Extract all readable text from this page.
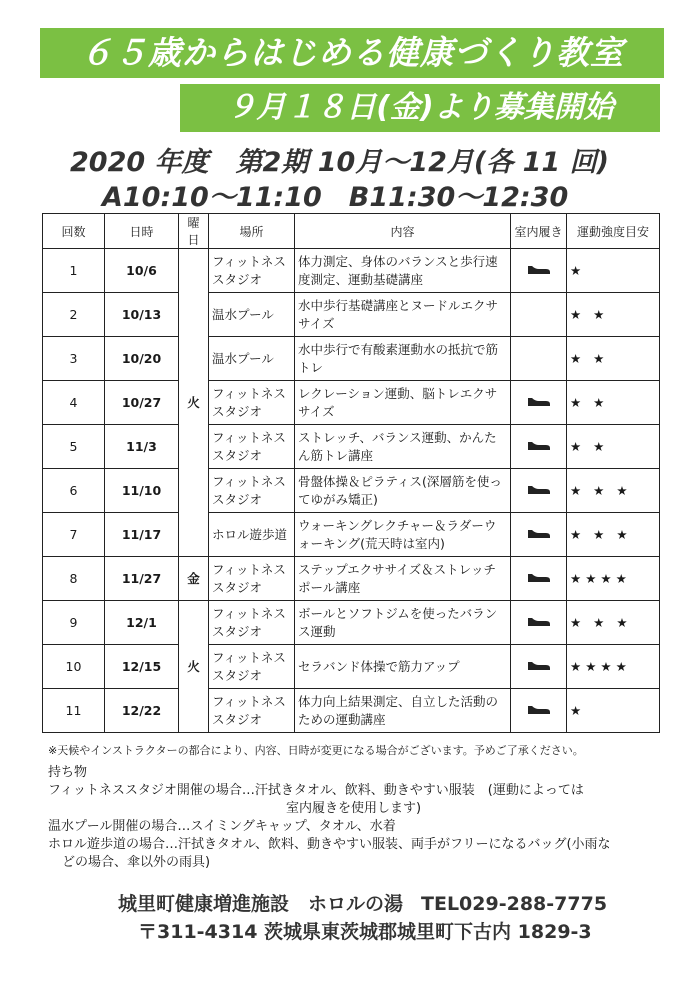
６５歳からはじめる健康づくり教室
９月１８日(金)より募集開始
2020 年度　第2期 10月～12月(各 11 回)
A10:10～11:10　B11:30～12:30
回数	日時	曜日	場所	内容	室内履き	運動強度目安
1	10/6	火	フィットネススタジオ	体力測定、身体のバランスと歩行速度測定、運動基礎講座		★
2	10/13		温水プール	水中歩行基礎講座とヌードルエクササイズ		★ ★
3	10/20		温水プール	水中歩行で有酸素運動水の抵抗で筋トレ		★ ★
4	10/27		フィットネススタジオ	レクレーション運動、脳トレエクササイズ		★ ★
5	11/3		フィットネススタジオ	ストレッチ、バランス運動、かんたん筋トレ講座		★ ★
6	11/10		フィットネススタジオ	骨盤体操＆ピラティス(深層筋を使ってゆがみ矯正)		★ ★ ★
7	11/17		ホロル遊歩道	ウォーキングレクチャー＆ラダーウォーキング(荒天時は室内)		★ ★ ★
8	11/27	金	フィットネススタジオ	ステップエクササイズ＆ストレッチポール講座		★★★★
9	12/1	火	フィットネススタジオ	ボールとソフトジムを使ったバランス運動		★ ★ ★
10	12/15		フィットネススタジオ	セラバンド体操で筋力アップ		★★★★
11	12/22		フィットネススタジオ	体力向上結果測定、自立した活動のための運動講座		★
※天候やインストラクターの都合により、内容、日時が変更になる場合がございます。予めご了承ください。
持ち物
フィットネススタジオ開催の場合…汗拭きタオル、飲料、動きやすい服装　(運動によっては
室内履きを使用します)
温水プール開催の場合…スイミングキャップ、タオル、水着
ホロル遊歩道の場合…汗拭きタオル、飲料、動きやすい服装、両手がフリーになるバッグ(小雨な
どの場合、傘以外の雨具)
城里町健康増進施設　ホロルの湯 TEL029-288-7775
〒311-4314 茨城県東茨城郡城里町下古内 1829-3
